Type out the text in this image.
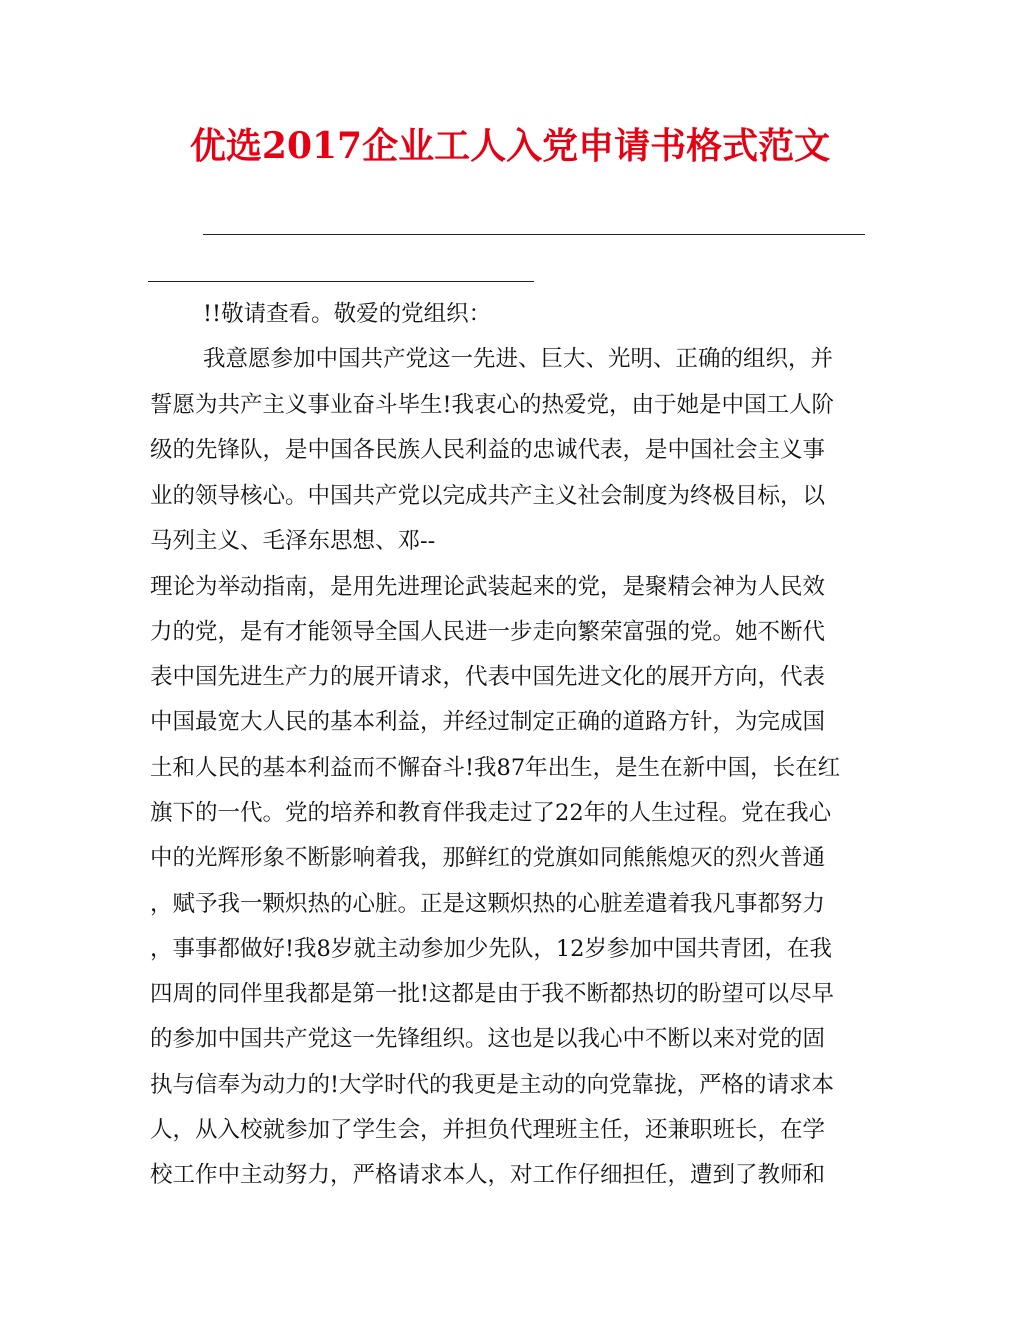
优选2017企业工人入党申请书格式范文
!!敬请查看。敬爱的党组织：
我意愿参加中国共产党这一先进、巨大、光明、正确的组织，并
誓愿为共产主义事业奋斗毕生!我衷心的热爱党，由于她是中国工人阶
级的先锋队，是中国各民族人民利益的忠诚代表，是中国社会主义事
业的领导核心。中国共产党以完成共产主义社会制度为终极目标，以
马列主义、毛泽东思想、邓--
理论为举动指南，是用先进理论武装起来的党，是聚精会神为人民效
力的党，是有才能领导全国人民进一步走向繁荣富强的党。她不断代
表中国先进生产力的展开请求，代表中国先进文化的展开方向，代表
中国最宽大人民的基本利益，并经过制定正确的道路方针，为完成国
土和人民的基本利益而不懈奋斗!我87年出生，是生在新中国，长在红
旗下的一代。党的培养和教育伴我走过了22年的人生过程。党在我心
中的光辉形象不断影响着我，那鲜红的党旗如同熊熊熄灭的烈火普通
，赋予我一颗炽热的心脏。正是这颗炽热的心脏差遣着我凡事都努力
，事事都做好!我8岁就主动参加少先队，12岁参加中国共青团，在我
四周的同伴里我都是第一批!这都是由于我不断都热切的盼望可以尽早
的参加中国共产党这一先锋组织。这也是以我心中不断以来对党的固
执与信奉为动力的!大学时代的我更是主动的向党靠拢，严格的请求本
人，从入校就参加了学生会，并担负代理班主任，还兼职班长，在学
校工作中主动努力，严格请求本人，对工作仔细担任，遭到了教师和
